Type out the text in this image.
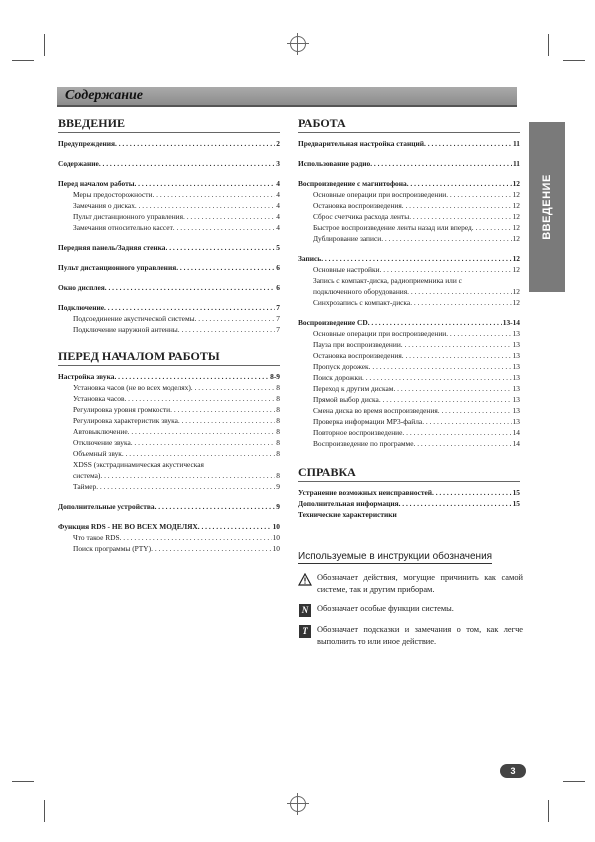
Содержание
ВВЕДЕНИЕ
ВВЕДЕНИЕ
Предупреждения . . .	2
Содержание . . .	3
Перед началом работы . . .	4
Меры предосторожности . . .	4
Замечания о дисках . . .	4
Пульт дистанционного управления . . .	4
Замечания относительно кассет . . .	4
Передняя панель/Задняя стенка . . .	5
Пульт дистанционного управления . . .	6
Окно дисплея . . .	6
Подключение . . .	7
Подсоединение акустической системы . . .	7
Подключение наружной антенны . . .	7
ПЕРЕД НАЧАЛОМ РАБОТЫ
Настройка звука . . .	8-9
Установка часов (не во всех моделях) . . .	8
Установка часов . . .	8
Регулировка уровня громкости . . .	8
Регулировка характеристик звука . . .	8
Автовыключение . . .	8
Отключение звука . . .	8
Объемный звук . . .	8
XDSS (экстрадинамическая акустическая
система) . . .	8
Таймер . . .	9
Дополнительные устройства . . .	9
Функция RDS - НЕ ВО ВСЕХ МОДЕЛЯХ . . .	10
Что такое RDS . . .	10
Поиск программы (PTY) . . .	10
РАБОТА
Предварительная настройка станций . . .	11
Использование радио . . .	11
Воспроизведение с магнитофона . . .	12
Основные операции при воспроизведении . . .	12
Остановка воспроизведения . . .	12
Сброс счетчика расхода ленты . . .	12
Быстрое воспроизведение ленты назад или вперед . . .	12
Дублирование записи . . .	12
Запись . . .	12
Основные настройки . . .	12
Запись с компакт-диска, радиоприемника или с
подключенного оборудования . . .	12
Синхрозапись с компакт-диска . . .	12
Воспроизведение CD . . .	13-14
Основные операции при воспроизведении . . .	13
Пауза при воспроизведении . . .	13
Остановка воспроизведения . . .	13
Пропуск дорожек . . .	13
Поиск дорожки . . .	13
Переход к другим дискам . . .	13
Прямой выбор диска . . .	13
Смена диска во время воспроизведения . . .	13
Проверка информации MP3-файла . . .	13
Повторное воспроизведение . . .	14
Воспроизведение по программе . . .	14
СПРАВКА
Устранение возможных неисправностей . . .	15
Дополнительная информация . . .	15
Технические характеристики
Используемые в инструкции обозначения
Обозначает действия, могущие причинить как самой системе, так и другим приборам.
N	Обозначает особые функции системы.
T	Обозначает подсказки и замечания о том, как легче выполнить то или иное действие.
3
